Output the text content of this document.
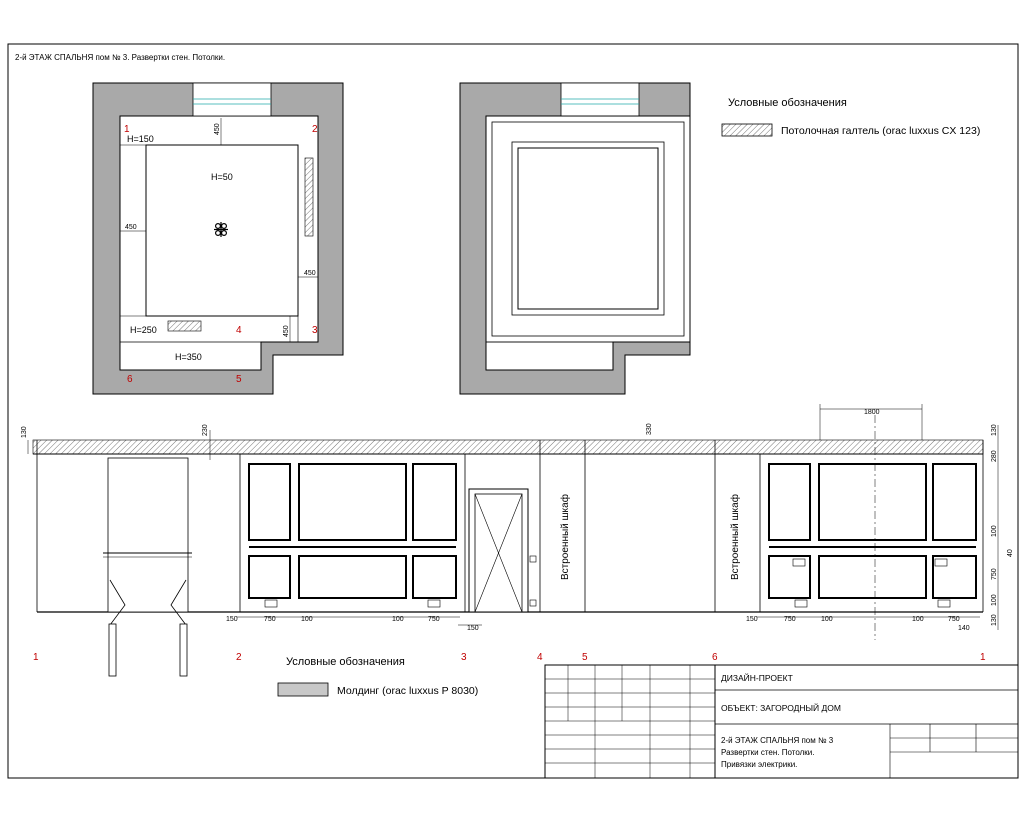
2-й ЭТАЖ СПАЛЬНЯ пом № 3. Развертки стен. Потолки.
1	2
3
4
5
6
H=150
H=50
H=250
H=350
450
450
450
450
Условные обозначения
Потолочная галтель (orac luxxus CX 123)
Встроенный шкаф	Встроенный шкаф
130	230	330
1800
130
280
100
40
750
100
130
150	750	100	100	750
150
150	750	100	100	750
140
1	2	3	4	5	6	1
Условные обозначения
Молдинг (orac luxxus P 8030)
ДИЗАЙН-ПРОЕКТ
ОБЪЕКТ: ЗАГОРОДНЫЙ ДОМ
2-й ЭТАЖ СПАЛЬНЯ пом № 3
Развертки стен. Потолки.
Привязки электрики.
